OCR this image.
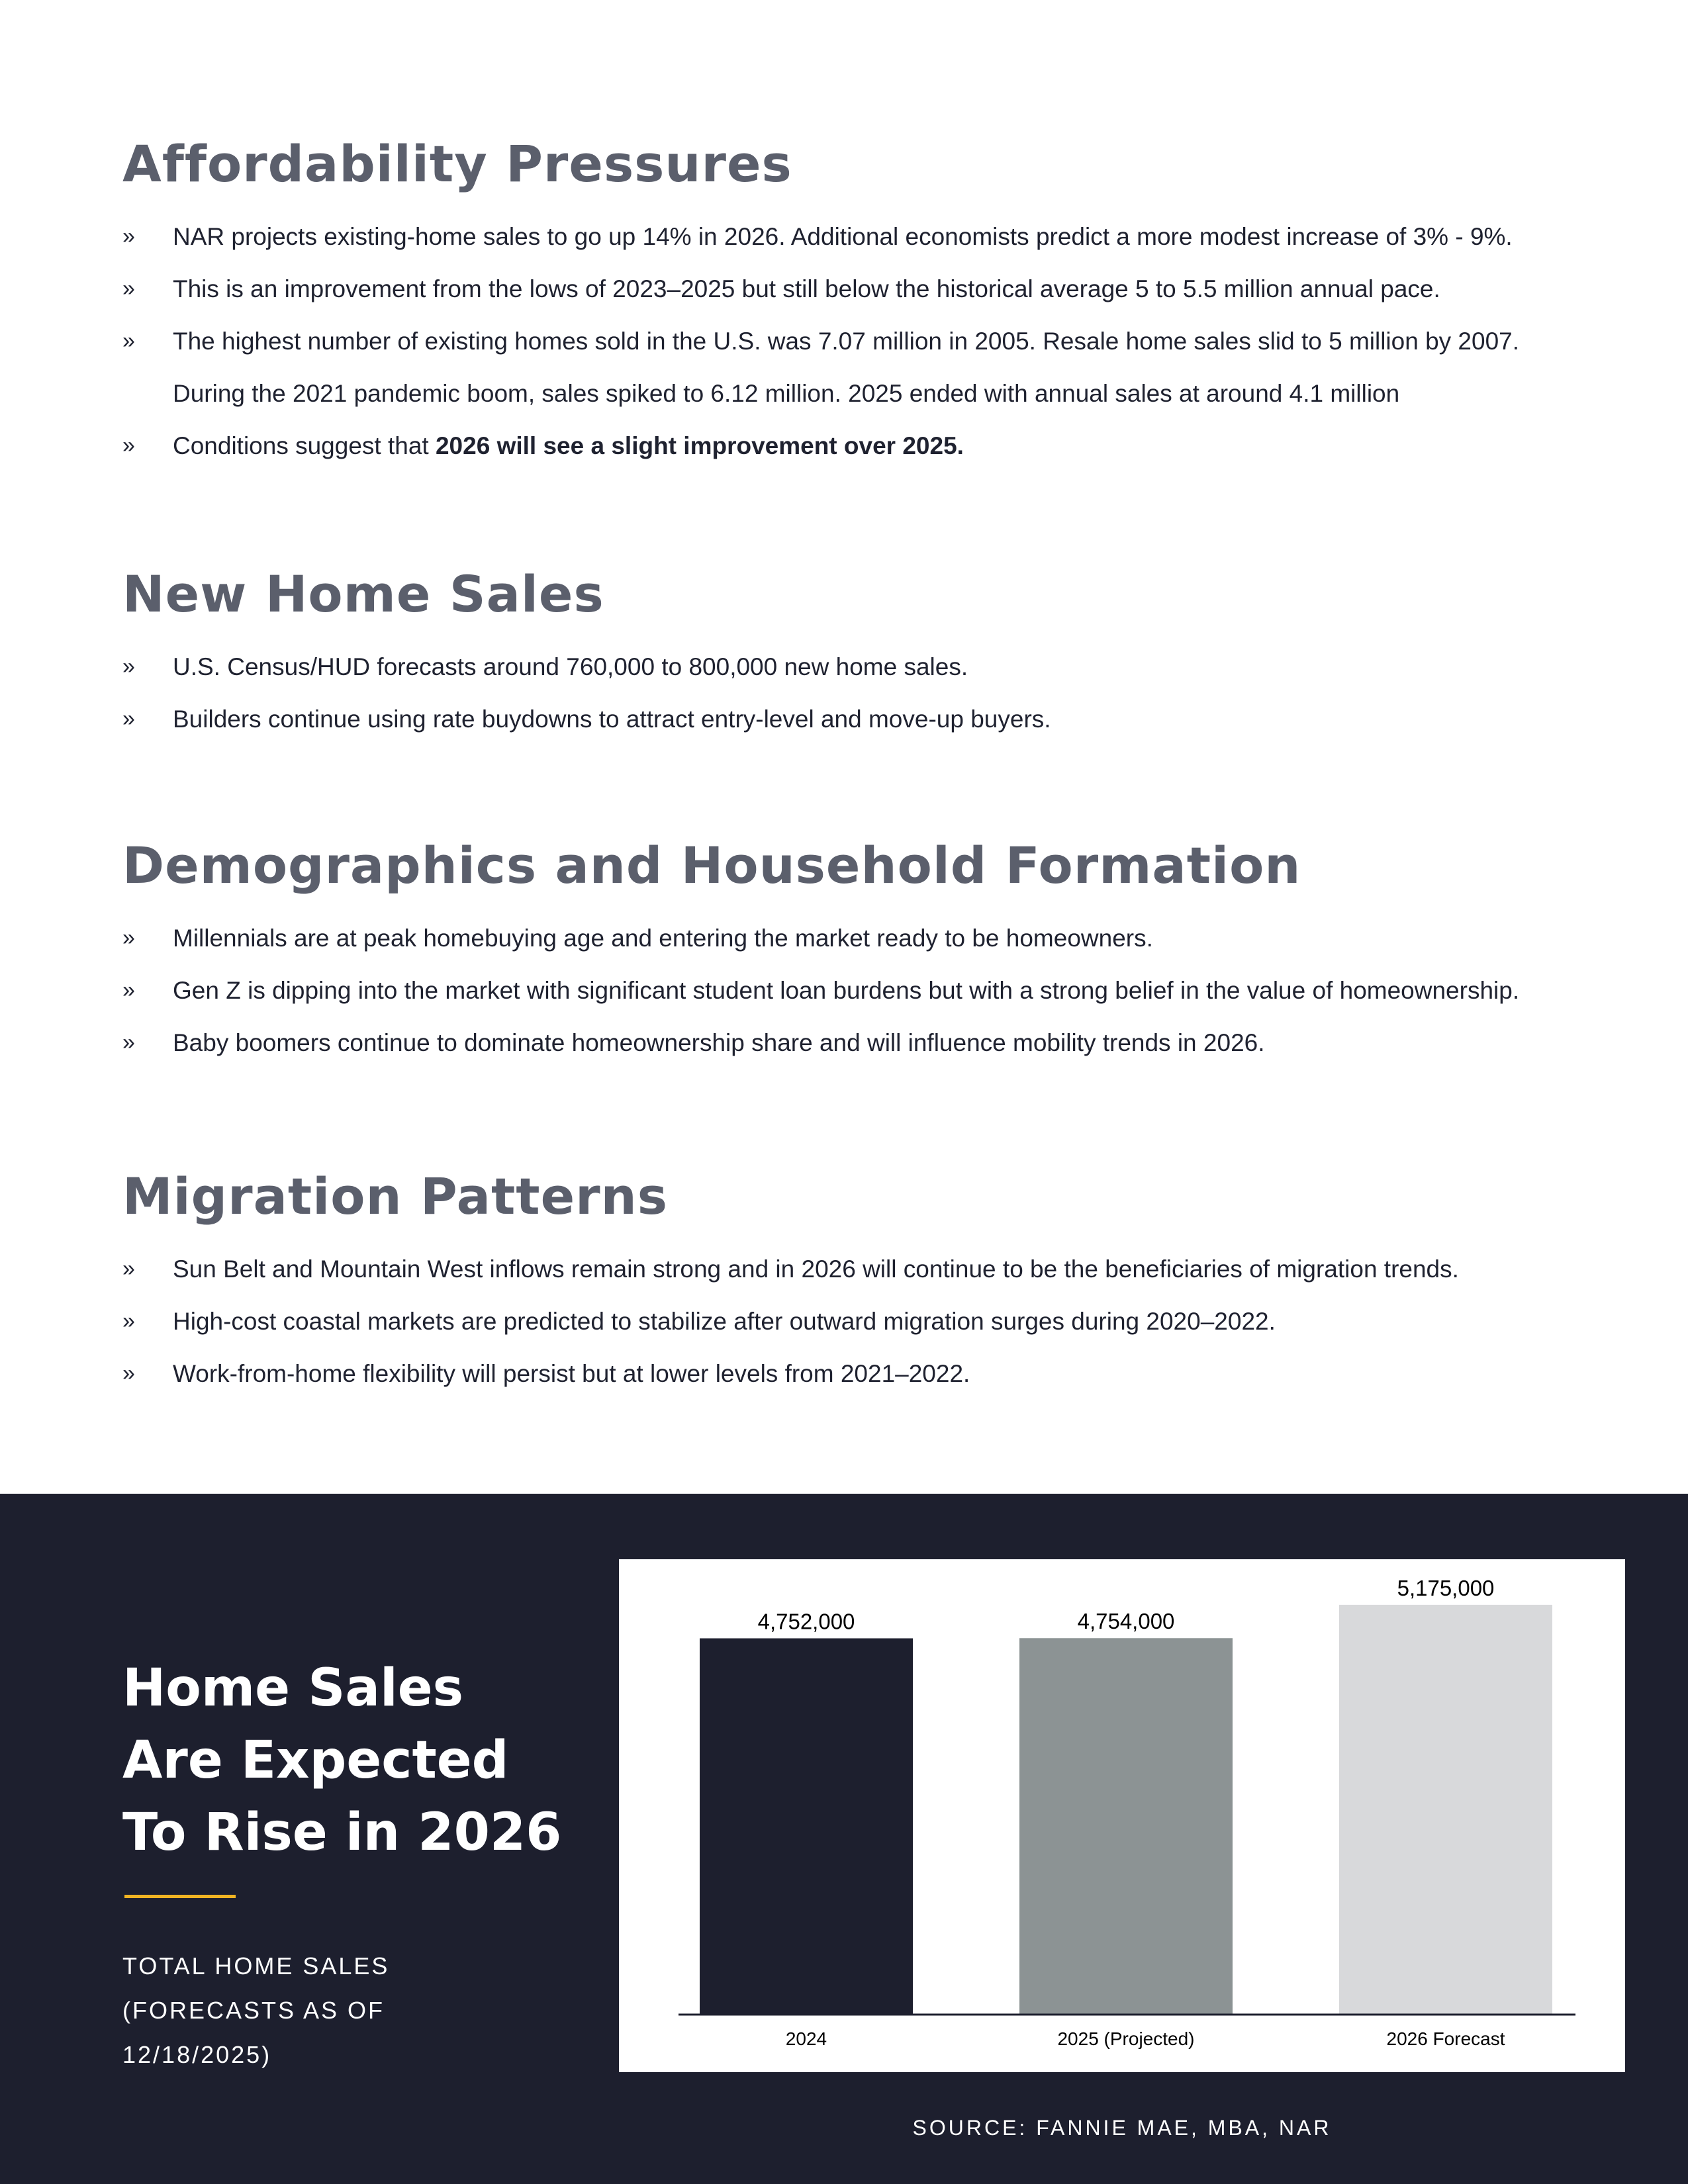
Affordability Pressures
» NAR projects existing-home sales to go up 14% in 2026. Additional economists predict a more modest increase of 3% - 9%.
» This is an improvement from the lows of 2023–2025 but still below the historical average 5 to 5.5 million annual pace.
» The highest number of existing homes sold in the U.S. was 7.07 million in 2005. Resale home sales slid to 5 million by 2007.
During the 2021 pandemic boom, sales spiked to 6.12 million. 2025 ended with annual sales at around 4.1 million
» Conditions suggest that 2026 will see a slight improvement over 2025.
New Home Sales
» U.S. Census/HUD forecasts around 760,000 to 800,000 new home sales.
» Builders continue using rate buydowns to attract entry-level and move-up buyers.
Demographics and Household Formation
» Millennials are at peak homebuying age and entering the market ready to be homeowners.
» Gen Z is dipping into the market with significant student loan burdens but with a strong belief in the value of homeownership.
» Baby boomers continue to dominate homeownership share and will influence mobility trends in 2026.
Migration Patterns
» Sun Belt and Mountain West inflows remain strong and in 2026 will continue to be the beneficiaries of migration trends.
» High-cost coastal markets are predicted to stabilize after outward migration surges during 2020–2022.
» Work-from-home flexibility will persist but at lower levels from 2021–2022.
Home Sales
Are Expected
To Rise in 2026
TOTAL HOME SALES
(FORECASTS AS OF
12/18/2025)
4,752,000
2024
4,754,000
2025 (Projected)
5,175,000
2026 Forecast
SOURCE: FANNIE MAE, MBA, NAR
